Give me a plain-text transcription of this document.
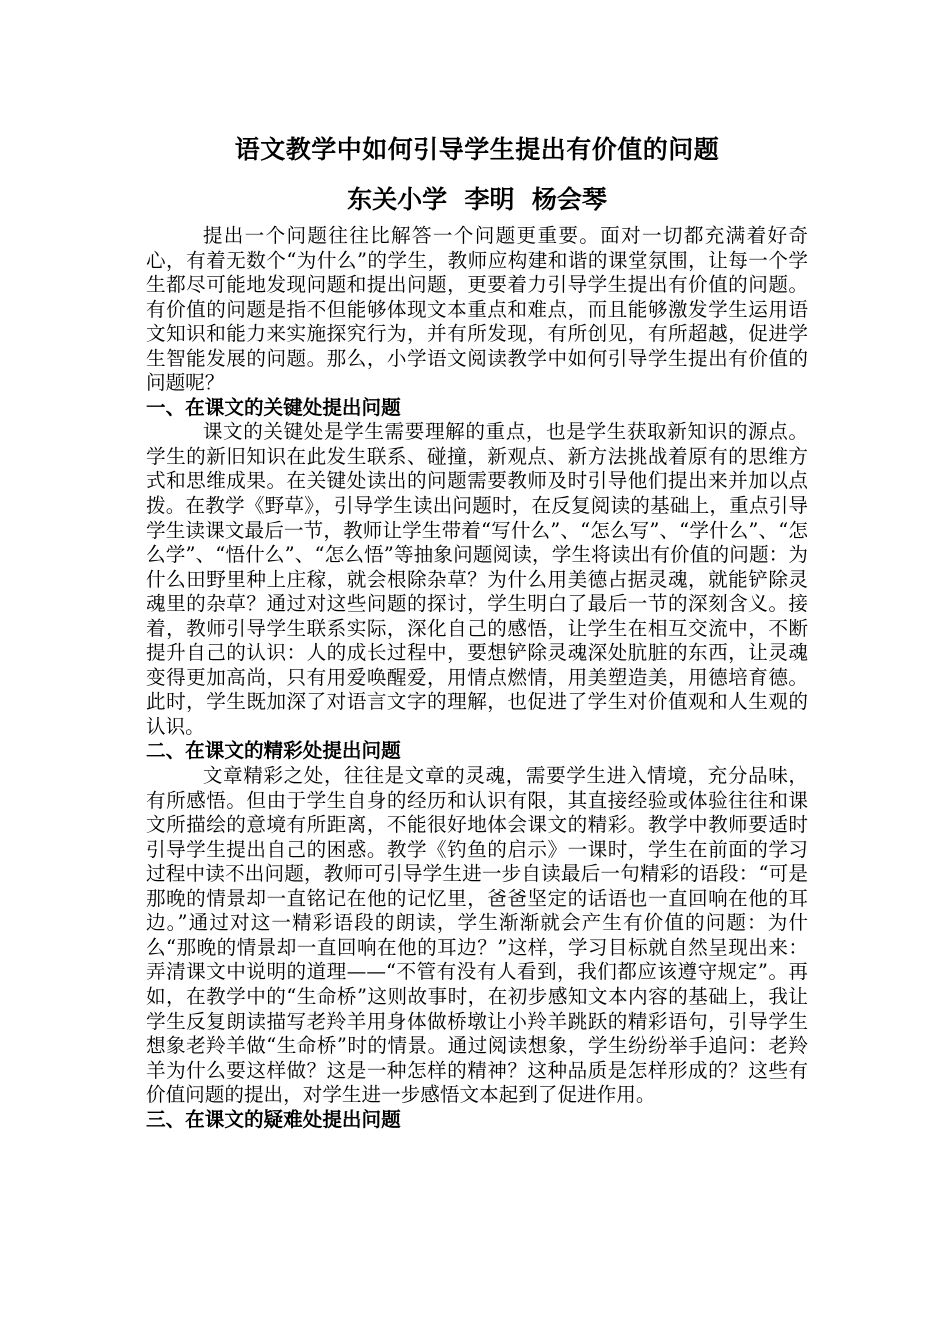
语文教学中如何引导学生提出有价值的问题
东关小学  李明  杨会琴

提出一个问题往往比解答一个问题更重要。面对一切都充满着好奇心，有着无数个“为什么”的学生，教师应构建和谐的课堂氛围，让每一个学生都尽可能地发现问题和提出问题，更要着力引导学生提出有价值的问题。有价值的问题是指不但能够体现文本重点和难点，而且能够激发学生运用语文知识和能力来实施探究行为，并有所发现，有所创见，有所超越，促进学生智能发展的问题。那么，小学语文阅读教学中如何引导学生提出有价值的问题呢？

一、在课文的关键处提出问题

课文的关键处是学生需要理解的重点，也是学生获取新知识的源点。学生的新旧知识在此发生联系、碰撞，新观点、新方法挑战着原有的思维方式和思维成果。在关键处读出的问题需要教师及时引导他们提出来并加以点拨。在教学《野草》，引导学生读出问题时，在反复阅读的基础上，重点引导学生读课文最后一节，教师让学生带着“写什么”、“怎么写”、“学什么”、“怎么学”、“悟什么”、“怎么悟”等抽象问题阅读，学生将读出有价值的问题：为什么田野里种上庄稼，就会根除杂草？为什么用美德占据灵魂，就能铲除灵魂里的杂草？通过对这些问题的探讨，学生明白了最后一节的深刻含义。接着，教师引导学生联系实际，深化自己的感悟，让学生在相互交流中，不断提升自己的认识：人的成长过程中，要想铲除灵魂深处肮脏的东西，让灵魂变得更加高尚，只有用爱唤醒爱，用情点燃情，用美塑造美，用德培育德。此时，学生既加深了对语言文字的理解，也促进了学生对价值观和人生观的认识。

二、在课文的精彩处提出问题

文章精彩之处，往往是文章的灵魂，需要学生进入情境，充分品味，有所感悟。但由于学生自身的经历和认识有限，其直接经验或体验往往和课文所描绘的意境有所距离，不能很好地体会课文的精彩。教学中教师要适时引导学生提出自己的困惑。教学《钓鱼的启示》一课时，学生在前面的学习过程中读不出问题，教师可引导学生进一步自读最后一句精彩的语段：“可是那晚的情景却一直铭记在他的记忆里，爸爸坚定的话语也一直回响在他的耳边。”通过对这一精彩语段的朗读，学生渐渐就会产生有价值的问题：为什么“那晚的情景却一直回响在他的耳边？”这样，学习目标就自然呈现出来：弄清课文中说明的道理——“不管有没有人看到，我们都应该遵守规定”。再如，在教学中的“生命桥”这则故事时，在初步感知文本内容的基础上，我让学生反复朗读描写老羚羊用身体做桥墩让小羚羊跳跃的精彩语句，引导学生想象老羚羊做“生命桥”时的情景。通过阅读想象，学生纷纷举手追问：老羚羊为什么要这样做？这是一种怎样的精神？这种品质是怎样形成的？这些有价值问题的提出，对学生进一步感悟文本起到了促进作用。

三、在课文的疑难处提出问题
